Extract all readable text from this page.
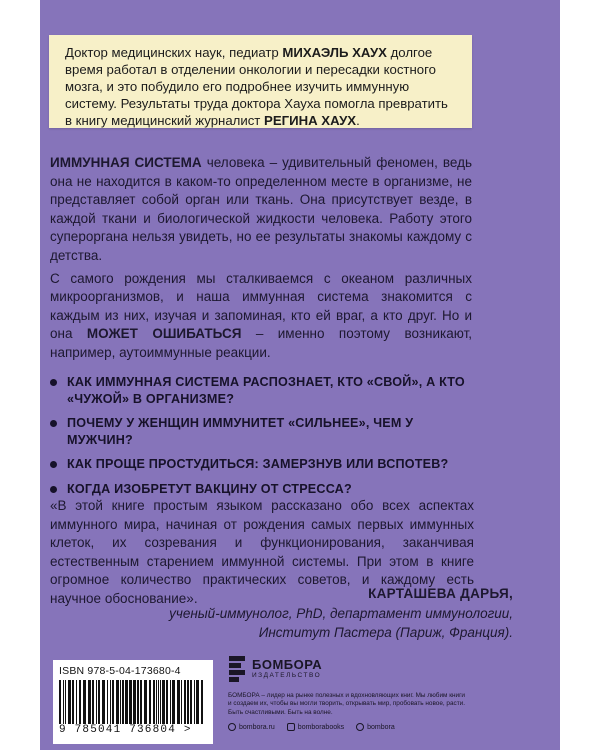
Доктор медицинских наук, педиатр МИХАЭЛЬ ХАУХ долгое время работал в отделении онкологии и пересадки костного мозга, и это побудило его подробнее изучить иммунную систему. Результаты труда доктора Хауха помогла превратить в книгу медицинский журналист РЕГИНА ХАУХ.

ИММУННАЯ СИСТЕМА человека – удивительный феномен, ведь она не находится в каком-то определенном месте в организме, не представляет собой орган или ткань. Она присутствует везде, в каждой ткани и биологической жидкости человека. Работу этого супероргана нельзя увидеть, но ее результаты знакомы каждому с детства.

С самого рождения мы сталкиваемся с океаном различных микроорганизмов, и наша иммунная система знакомится с каждым из них, изучая и запоминая, кто ей враг, а кто друг. Но и она МОЖЕТ ОШИБАТЬСЯ – именно поэтому возникают, например, аутоиммунные реакции.

КАК ИММУННАЯ СИСТЕМА РАСПОЗНАЕТ, КТО «СВОЙ», А КТО «ЧУЖОЙ» В ОРГАНИЗМЕ?
ПОЧЕМУ У ЖЕНЩИН ИММУНИТЕТ «СИЛЬНЕЕ», ЧЕМ У МУЖЧИН?
КАК ПРОЩЕ ПРОСТУДИТЬСЯ: ЗАМЕРЗНУВ ИЛИ ВСПОТЕВ?
КОГДА ИЗОБРЕТУТ ВАКЦИНУ ОТ СТРЕССА?
«В этой книге простым языком рассказано обо всех аспектах иммунного мира, начиная от рождения самых первых иммунных клеток, их созревания и функционирования, заканчивая естественным старением иммунной системы. При этом в книге огромное количество практических советов, и каждому есть научное обоснование».	КАРТАШЕВА ДАРЬЯ,
ученый-иммунолог, PhD, департамент иммунологии,
Институт Пастера (Париж, Франция).
ISBN 978-5-04-173680-4
9 785041 736804 >
БОМБОРА
ИЗДАТЕЛЬСТВО
БОМБОРА – лидер на рынке полезных и вдохновляющих книг. Мы любим книги и создаем их, чтобы вы могли творить, открывать мир, пробовать новое, расти. Быть счастливыми. Быть на волне.
bombora.ru	bomborabooks	bombora
